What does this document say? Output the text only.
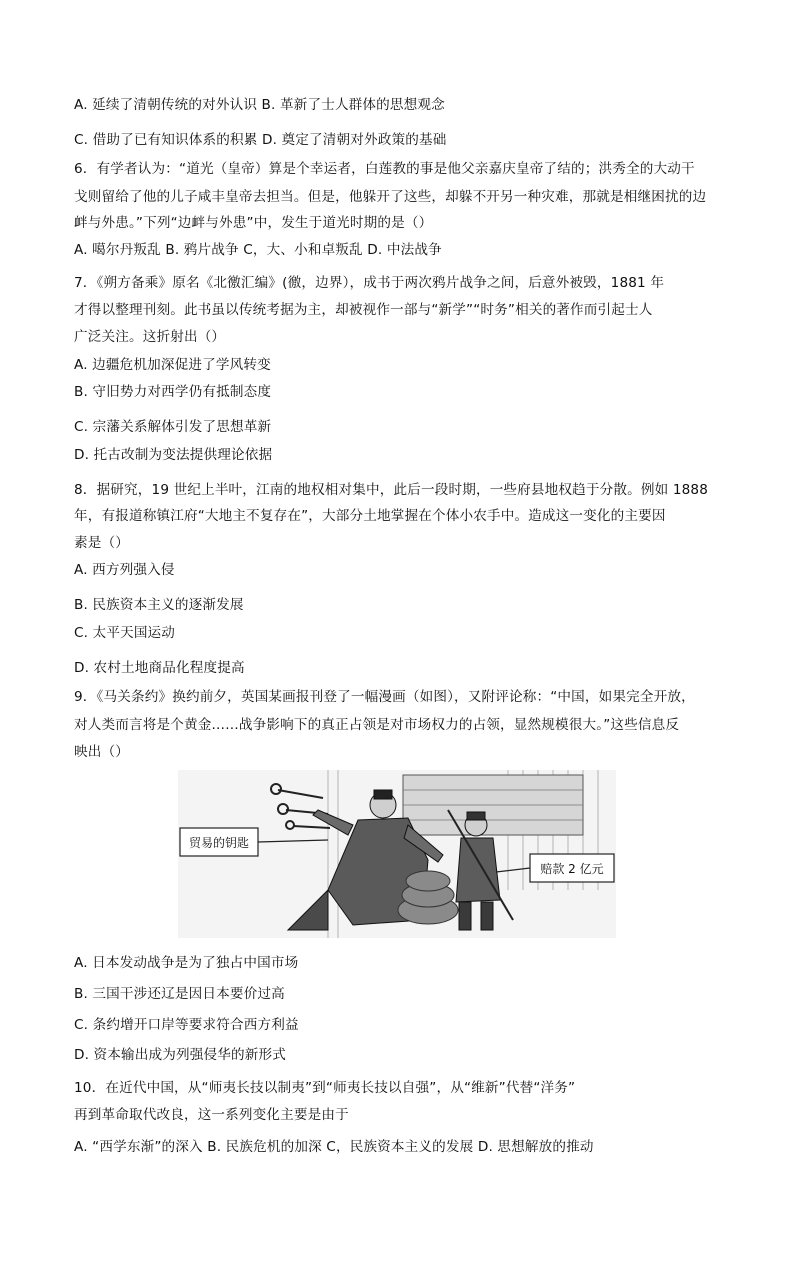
A. 延续了清朝传统的对外认识 B. 革新了士人群体的思想观念
C. 借助了已有知识体系的积累 D. 奠定了清朝对外政策的基础
6．有学者认为：“道光（皇帝）算是个幸运者，白莲教的事是他父亲嘉庆皇帝了结的；洪秀全的大动干
戈则留给了他的儿子咸丰皇帝去担当。但是，他躲开了这些，却躲不开另一种灾难，那就是相继困扰的边
衅与外患。”下列“边衅与外患”中，发生于道光时期的是（）
A. 噶尔丹叛乱 B. 鸦片战争 C，大、小和卓叛乱 D. 中法战争
7．《朔方备乘》原名《北徼汇编》(徼，边界），成书于两次鸦片战争之间，后意外被毁，1881 年
才得以整理刊刻。此书虽以传统考据为主，却被视作一部与“新学”“时务”相关的著作而引起士人
广泛关注。这折射出（）
A. 边疆危机加深促进了学风转变
B. 守旧势力对西学仍有抵制态度
C. 宗藩关系解体引发了思想革新
D. 托古改制为变法提供理论依据
8．据研究，19 世纪上半叶，江南的地权相对集中，此后一段时期，一些府县地权趋于分散。例如 1888
年，有报道称镇江府“大地主不复存在”，大部分土地掌握在个体小农手中。造成这一变化的主要因
素是（）
A. 西方列强入侵
B. 民族资本主义的逐渐发展
C. 太平天国运动
D. 农村土地商品化程度提高
9．《马关条约》换约前夕，英国某画报刊登了一幅漫画（如图），又附评论称：“中国，如果完全开放，
对人类而言将是个黄金……战争影响下的真正占领是对市场权力的占领，显然规模很大。”这些信息反
映出（）
贸易的钥匙
赔款 2 亿元
A. 日本发动战争是为了独占中国市场
B. 三国干涉还辽是因日本要价过高
C. 条约增开口岸等要求符合西方利益
D. 资本输出成为列强侵华的新形式
10．在近代中国，从“师夷长技以制夷”到“师夷长技以自强”，从“维新”代替“洋务”
再到革命取代改良，这一系列变化主要是由于
A. “西学东渐”的深入 B. 民族危机的加深 C，民族资本主义的发展 D. 思想解放的推动
